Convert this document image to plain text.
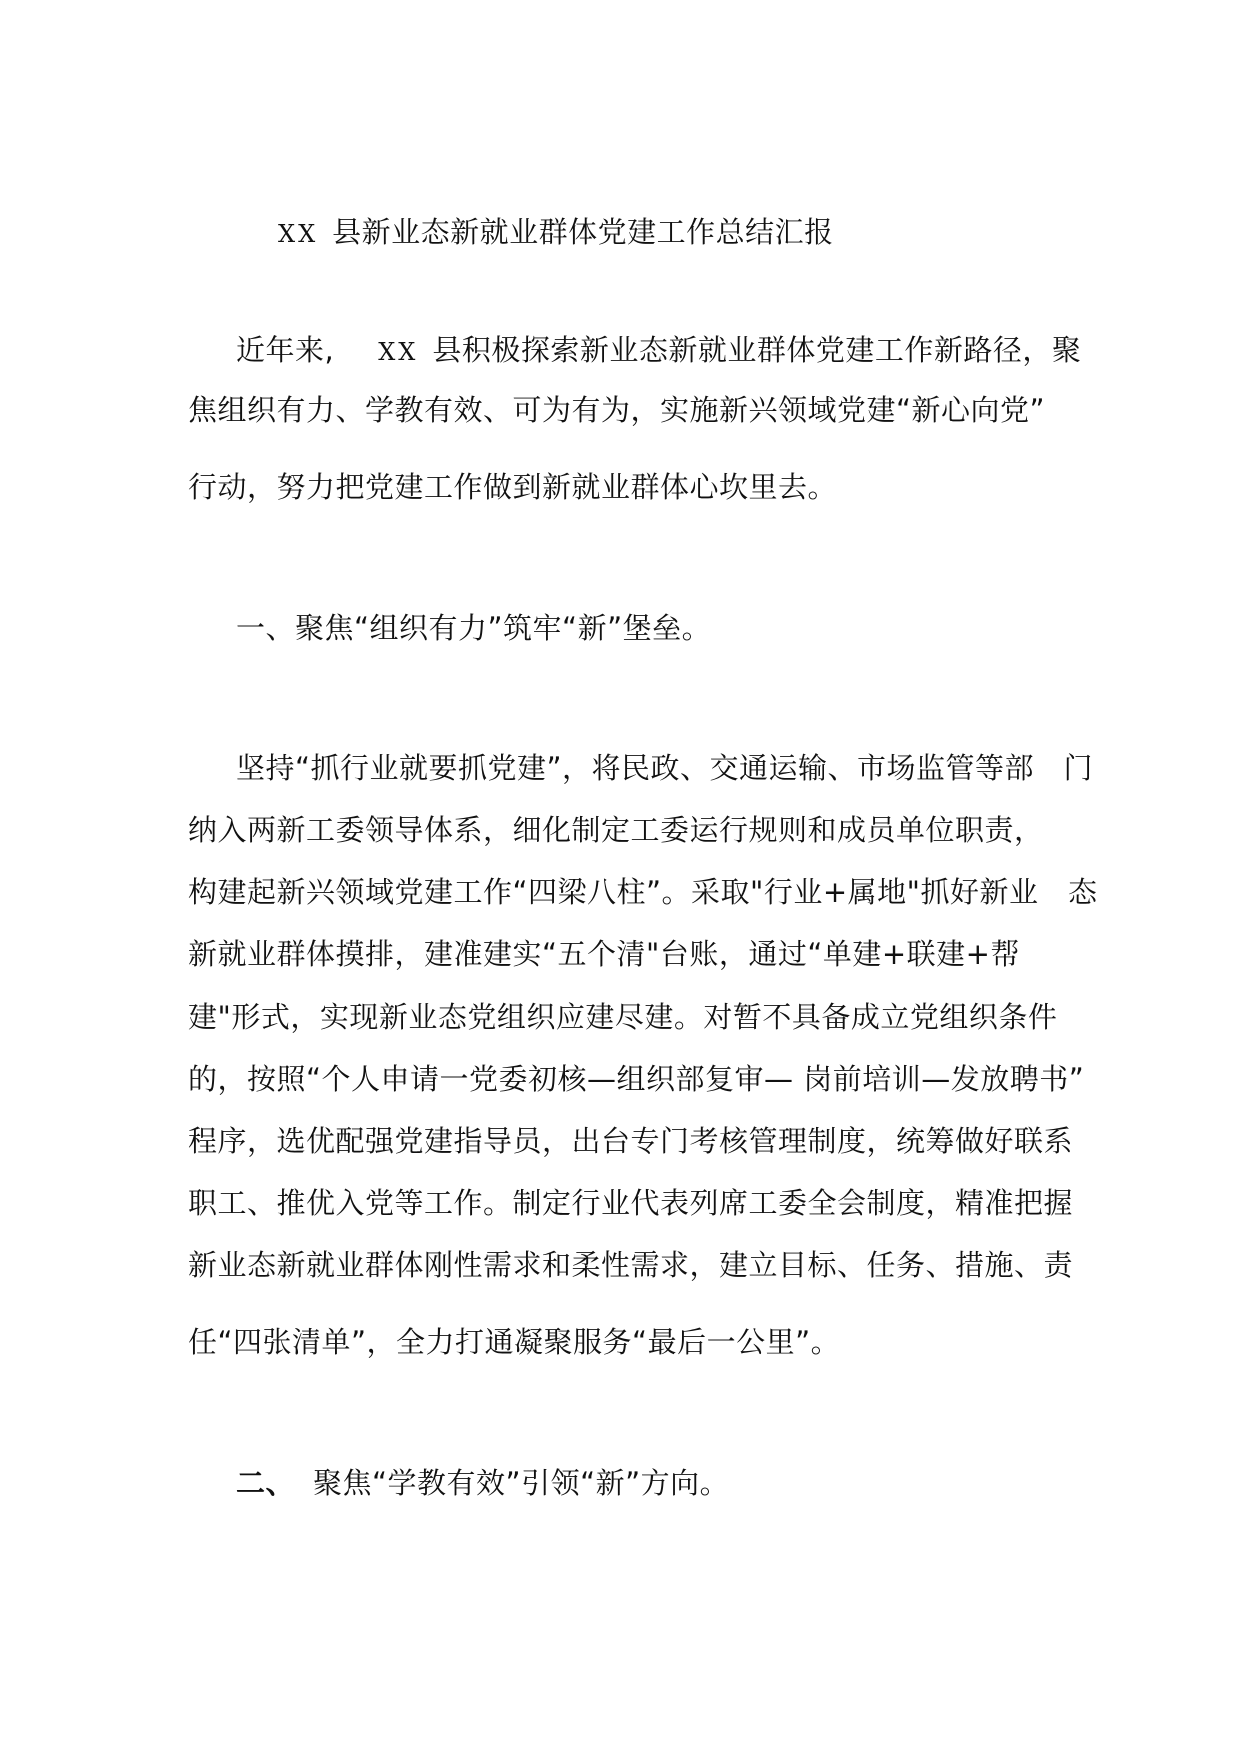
XX 县新业态新就业群体党建工作总结汇报
近年来, XX 县积极探索新业态新就业群体党建工作新路径，聚
焦组织有力、学教有效、可为有为，实施新兴领域党建“新心向党”
行动，努力把党建工作做到新就业群体心坎里去。
一、聚焦“组织有力”筑牢“新”堡垒。
坚持“抓行业就要抓党建”，将民政、交通运输、市场监管等部　门
纳入两新工委领导体系，细化制定工委运行规则和成员单位职责，
构建起新兴领域党建工作“四梁八柱”。采取"行业+属地"抓好新业　态
新就业群体摸排，建准建实“五个清"台账，通过“单建+联建+帮
建"形式，实现新业态党组织应建尽建。对暂不具备成立党组织条件
的，按照“个人申请一党委初核—组织部复审— 岗前培训—发放聘书”
程序，选优配强党建指导员，出台专门考核管理制度，统筹做好联系
职工、推优入党等工作。制定行业代表列席工委全会制度，精准把握
新业态新就业群体刚性需求和柔性需求，建立目标、任务、措施、责
任“四张清单”，全力打通凝聚服务“最后一公里”。
二、 聚焦“学教有效”引领“新”方向。
